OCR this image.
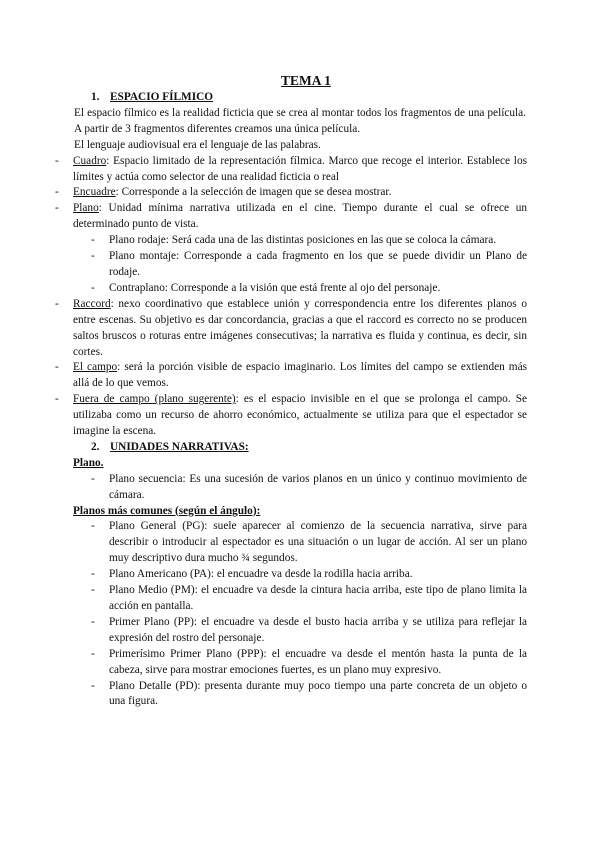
TEMA 1
1. ESPACIO FÍLMICO
El espacio fílmico es la realidad ficticia que se crea al montar todos los fragmentos de una película. A partir de 3 fragmentos diferentes creamos una única película.
El lenguaje audiovisual era el lenguaje de las palabras.
- Cuadro: Espacio limitado de la representación fílmica. Marco que recoge el interior. Establece los límites y actúa como selector de una realidad ficticia o real
- Encuadre: Corresponde a la selección de imagen que se desea mostrar.
- Plano: Unidad mínima narrativa utilizada en el cine. Tiempo durante el cual se ofrece un determinado punto de vista.
- Plano rodaje: Será cada una de las distintas posiciones en las que se coloca la cámara.
- Plano montaje: Corresponde a cada fragmento en los que se puede dividir un Plano de rodaje.
- Contraplano: Corresponde a la visión que está frente al ojo del personaje.
- Raccord: nexo coordinativo que establece unión y correspondencia entre los diferentes planos o entre escenas. Su objetivo es dar concordancia, gracias a que el raccord es correcto no se producen saltos bruscos o roturas entre imágenes consecutivas; la narrativa es fluida y continua, es decir, sin cortes.
- El campo: será la porción visible de espacio imaginario. Los límites del campo se extienden más allá de lo que vemos.
- Fuera de campo (plano sugerente): es el espacio invisible en el que se prolonga el campo. Se utilizaba como un recurso de ahorro económico, actualmente se utiliza para que el espectador se imagine la escena.
2. UNIDADES NARRATIVAS:
Plano.
- Plano secuencia: Es una sucesión de varios planos en un único y continuo movimiento de cámara.
Planos más comunes (según el ángulo):
- Plano General (PG): suele aparecer al comienzo de la secuencia narrativa, sirve para describir o introducir al espectador es una situación o un lugar de acción. Al ser un plano muy descriptivo dura mucho ¾ segundos.
- Plano Americano (PA): el encuadre va desde la rodilla hacia arriba.
- Plano Medio (PM): el encuadre va desde la cintura hacia arriba, este tipo de plano limita la acción en pantalla.
- Primer Plano (PP): el encuadre va desde el busto hacia arriba y se utiliza para reflejar la expresión del rostro del personaje.
- Primerísimo Primer Plano (PPP): el encuadre va desde el mentón hasta la punta de la cabeza, sirve para mostrar emociones fuertes, es un plano muy expresivo.
- Plano Detalle (PD): presenta durante muy poco tiempo una parte concreta de un objeto o una figura.
